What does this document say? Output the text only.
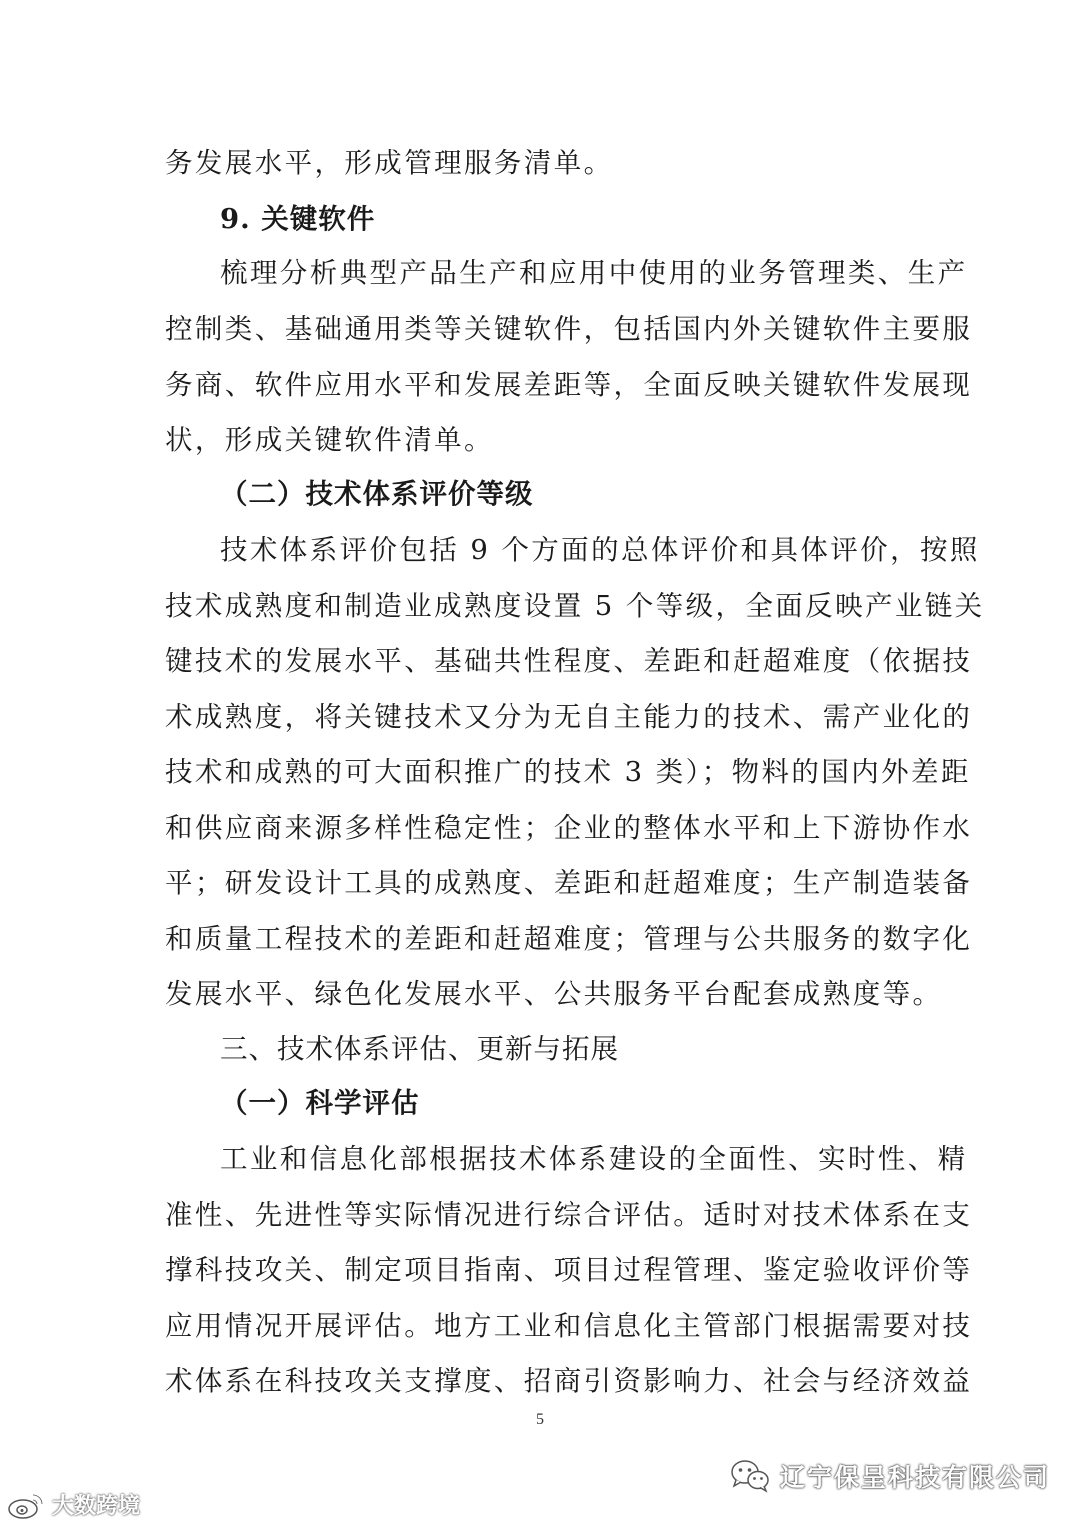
务发展水平，形成管理服务清单。
9. 关键软件
梳理分析典型产品生产和应用中使用的业务管理类、生产
控制类、基础通用类等关键软件，包括国内外关键软件主要服
务商、软件应用水平和发展差距等，全面反映关键软件发展现
状，形成关键软件清单。
（二）技术体系评价等级
技术体系评价包括 9 个方面的总体评价和具体评价，按照
技术成熟度和制造业成熟度设置 5 个等级，全面反映产业链关
键技术的发展水平、基础共性程度、差距和赶超难度（依据技
术成熟度，将关键技术又分为无自主能力的技术、需产业化的
技术和成熟的可大面积推广的技术 3 类）；物料的国内外差距
和供应商来源多样性稳定性；企业的整体水平和上下游协作水
平；研发设计工具的成熟度、差距和赶超难度；生产制造装备
和质量工程技术的差距和赶超难度；管理与公共服务的数字化
发展水平、绿色化发展水平、公共服务平台配套成熟度等。
三、技术体系评估、更新与拓展
（一）科学评估
工业和信息化部根据技术体系建设的全面性、实时性、精
准性、先进性等实际情况进行综合评估。适时对技术体系在支
撑科技攻关、制定项目指南、项目过程管理、鉴定验收评价等
应用情况开展评估。地方工业和信息化主管部门根据需要对技
术体系在科技攻关支撑度、招商引资影响力、社会与经济效益
5
辽宁保呈科技有限公司
大数跨境
